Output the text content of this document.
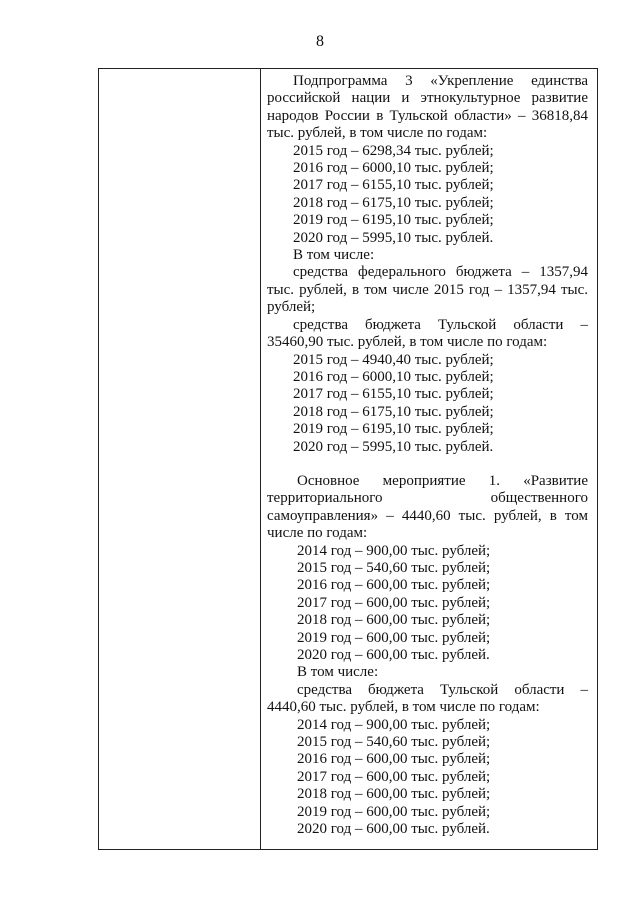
8

Подпрограмма 3 «Укрепление единства российской нации и этнокультурное развитие народов России в Тульской области» – 36818,84 тыс. рублей, в том числе по годам:

2015 год – 6298,34 тыс. рублей;

2016 год – 6000,10 тыс. рублей;

2017 год – 6155,10 тыс. рублей;

2018 год – 6175,10 тыс. рублей;

2019 год – 6195,10 тыс. рублей;

2020 год – 5995,10 тыс. рублей.

В том числе:

средства федерального бюджета – 1357,94 тыс. рублей, в том числе 2015 год – 1357,94 тыс. рублей;

средства бюджета Тульской области – 35460,90 тыс. рублей, в том числе по годам:

2015 год – 4940,40 тыс. рублей;

2016 год – 6000,10 тыс. рублей;

2017 год – 6155,10 тыс. рублей;

2018 год – 6175,10 тыс. рублей;

2019 год – 6195,10 тыс. рублей;

2020 год – 5995,10 тыс. рублей.

Основное мероприятие 1. «Развитие территориального общественного самоуправления» – 4440,60 тыс. рублей, в том числе по годам:

2014 год – 900,00 тыс. рублей;

2015 год – 540,60 тыс. рублей;

2016 год – 600,00 тыс. рублей;

2017 год – 600,00 тыс. рублей;

2018 год – 600,00 тыс. рублей;

2019 год – 600,00 тыс. рублей;

2020 год – 600,00 тыс. рублей.

В том числе:

средства бюджета Тульской области – 4440,60 тыс. рублей, в том числе по годам:

2014 год – 900,00 тыс. рублей;

2015 год – 540,60 тыс. рублей;

2016 год – 600,00 тыс. рублей;

2017 год – 600,00 тыс. рублей;

2018 год – 600,00 тыс. рублей;

2019 год – 600,00 тыс. рублей;

2020 год – 600,00 тыс. рублей.
